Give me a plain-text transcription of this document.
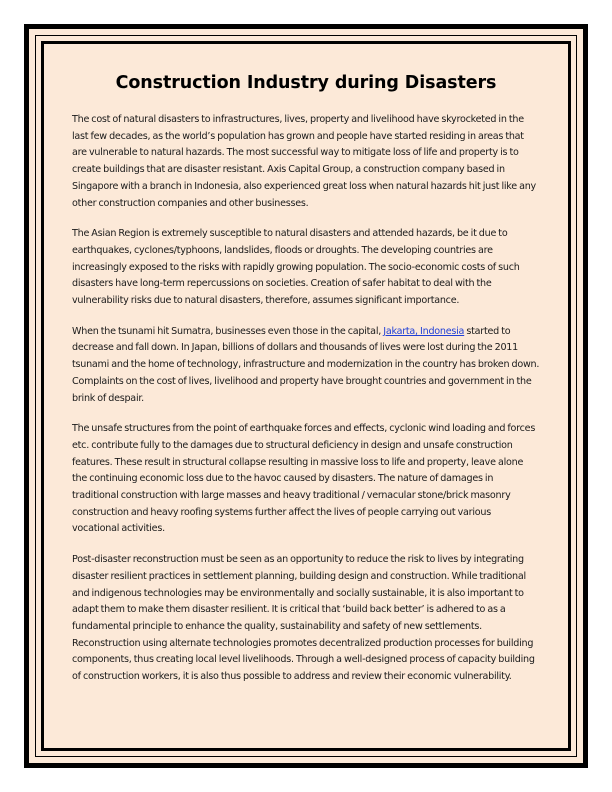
Construction Industry during Disasters

The cost of natural disasters to infrastructures, lives, property and livelihood have skyrocketed in the last few decades, as the world’s population has grown and people have started residing in areas that are vulnerable to natural hazards. The most successful way to mitigate loss of life and property is to create buildings that are disaster resistant. Axis Capital Group, a construction company based in Singapore with a branch in Indonesia, also experienced great loss when natural hazards hit just like any other construction companies and other businesses.

The Asian Region is extremely susceptible to natural disasters and attended hazards, be it due to earthquakes, cyclones/typhoons, landslides, floods or droughts. The developing countries are increasingly exposed to the risks with rapidly growing population. The socio-economic costs of such disasters have long-term repercussions on societies. Creation of safer habitat to deal with the vulnerability risks due to natural disasters, therefore, assumes significant importance.

When the tsunami hit Sumatra, businesses even those in the capital, Jakarta, Indonesia started to decrease and fall down. In Japan, billions of dollars and thousands of lives were lost during the 2011 tsunami and the home of technology, infrastructure and modernization in the country has broken down. Complaints on the cost of lives, livelihood and property have brought countries and government in the brink of despair.

The unsafe structures from the point of earthquake forces and effects, cyclonic wind loading and forces etc. contribute fully to the damages due to structural deficiency in design and unsafe construction features. These result in structural collapse resulting in massive loss to life and property, leave alone the continuing economic loss due to the havoc caused by disasters. The nature of damages in traditional construction with large masses and heavy traditional / vernacular stone/brick masonry construction and heavy roofing systems further affect the lives of people carrying out various vocational activities.

Post-disaster reconstruction must be seen as an opportunity to reduce the risk to lives by integrating disaster resilient practices in settlement planning, building design and construction. While traditional and indigenous technologies may be environmentally and socially sustainable, it is also important to adapt them to make them disaster resilient. It is critical that ‘build back better’ is adhered to as a fundamental principle to enhance the quality, sustainability and safety of new settlements. Reconstruction using alternate technologies promotes decentralized production processes for building components, thus creating local level livelihoods. Through a well-designed process of capacity building of construction workers, it is also thus possible to address and review their economic vulnerability.
